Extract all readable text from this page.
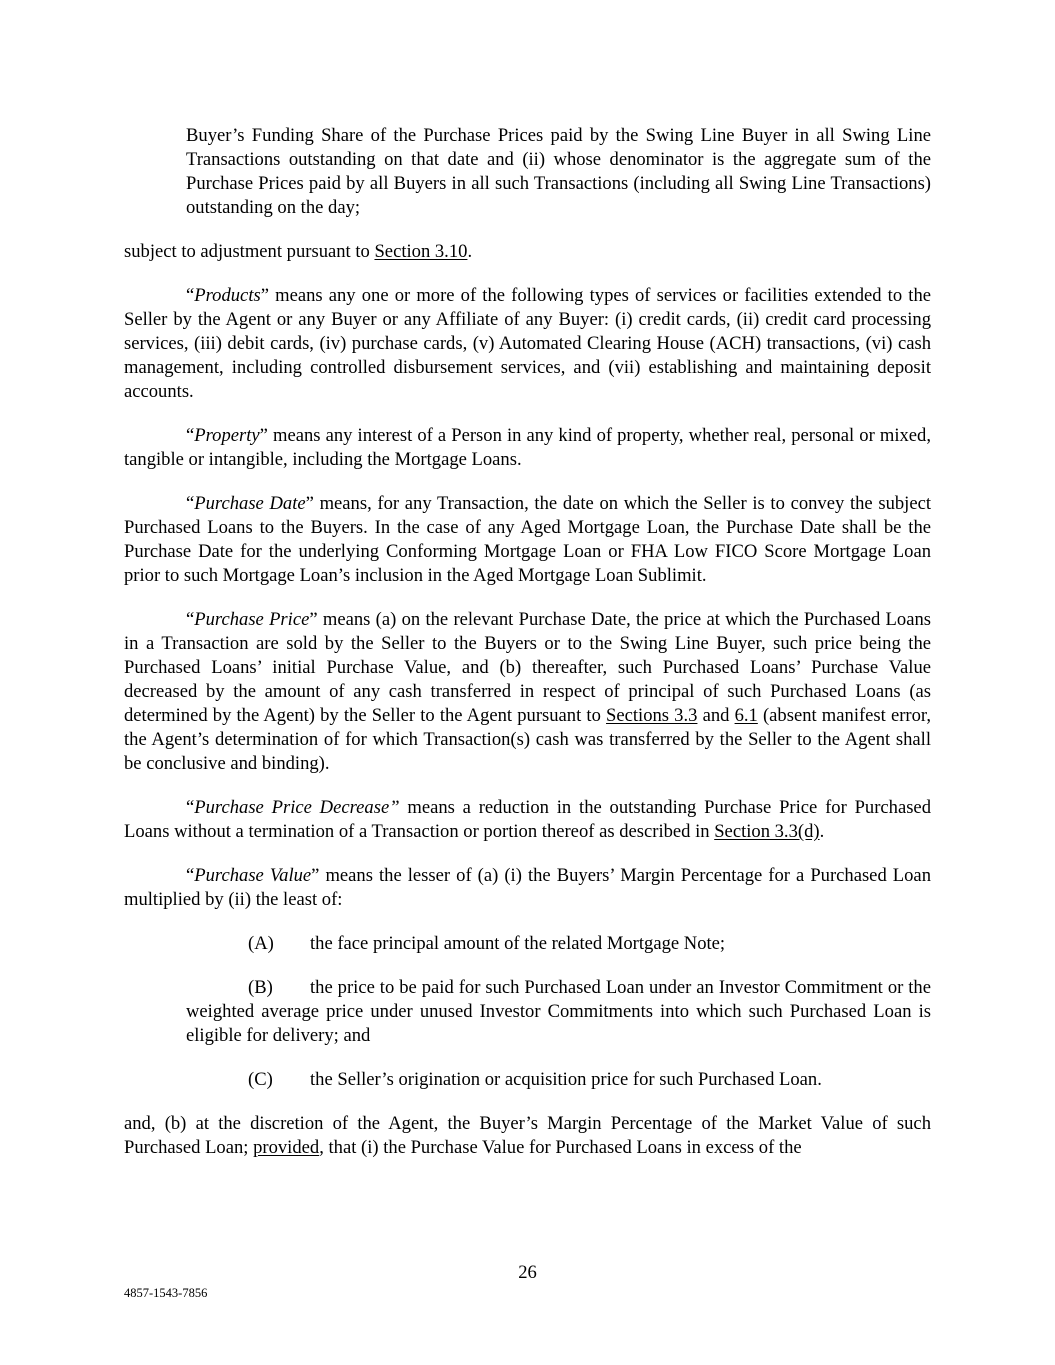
Buyer’s Funding Share of the Purchase Prices paid by the Swing Line Buyer in all Swing Line Transactions outstanding on that date and (ii) whose denominator is the aggregate sum of the Purchase Prices paid by all Buyers in all such Transactions (including all Swing Line Transactions) outstanding on the day;

subject to adjustment pursuant to Section 3.10.

“Products” means any one or more of the following types of services or facilities extended to the Seller by the Agent or any Buyer or any Affiliate of any Buyer: (i) credit cards, (ii) credit card processing services, (iii) debit cards, (iv) purchase cards, (v) Automated Clearing House (ACH) transactions, (vi) cash management, including controlled disbursement services, and (vii) establishing and maintaining deposit accounts.

“Property” means any interest of a Person in any kind of property, whether real, personal or mixed, tangible or intangible, including the Mortgage Loans.

“Purchase Date” means, for any Transaction, the date on which the Seller is to convey the subject Purchased Loans to the Buyers. In the case of any Aged Mortgage Loan, the Purchase Date shall be the Purchase Date for the underlying Conforming Mortgage Loan or FHA Low FICO Score Mortgage Loan prior to such Mortgage Loan’s inclusion in the Aged Mortgage Loan Sublimit.

“Purchase Price” means (a) on the relevant Purchase Date, the price at which the Purchased Loans in a Transaction are sold by the Seller to the Buyers or to the Swing Line Buyer, such price being the Purchased Loans’ initial Purchase Value, and (b) thereafter, such Purchased Loans’ Purchase Value decreased by the amount of any cash transferred in respect of principal of such Purchased Loans (as determined by the Agent) by the Seller to the Agent pursuant to Sections 3.3 and 6.1 (absent manifest error, the Agent’s determination of for which Transaction(s) cash was transferred by the Seller to the Agent shall be conclusive and binding).

“Purchase Price Decrease” means a reduction in the outstanding Purchase Price for Purchased Loans without a termination of a Transaction or portion thereof as described in Section 3.3(d).

“Purchase Value” means the lesser of (a) (i) the Buyers’ Margin Percentage for a Purchased Loan multiplied by (ii) the least of:

(A) the face principal amount of the related Mortgage Note;

(B) the price to be paid for such Purchased Loan under an Investor Commitment or the weighted average price under unused Investor Commitments into which such Purchased Loan is eligible for delivery; and

(C) the Seller’s origination or acquisition price for such Purchased Loan.

and, (b) at the discretion of the Agent, the Buyer’s Margin Percentage of the Market Value of such Purchased Loan; provided, that (i) the Purchase Value for Purchased Loans in excess of the

26
4857-1543-7856
